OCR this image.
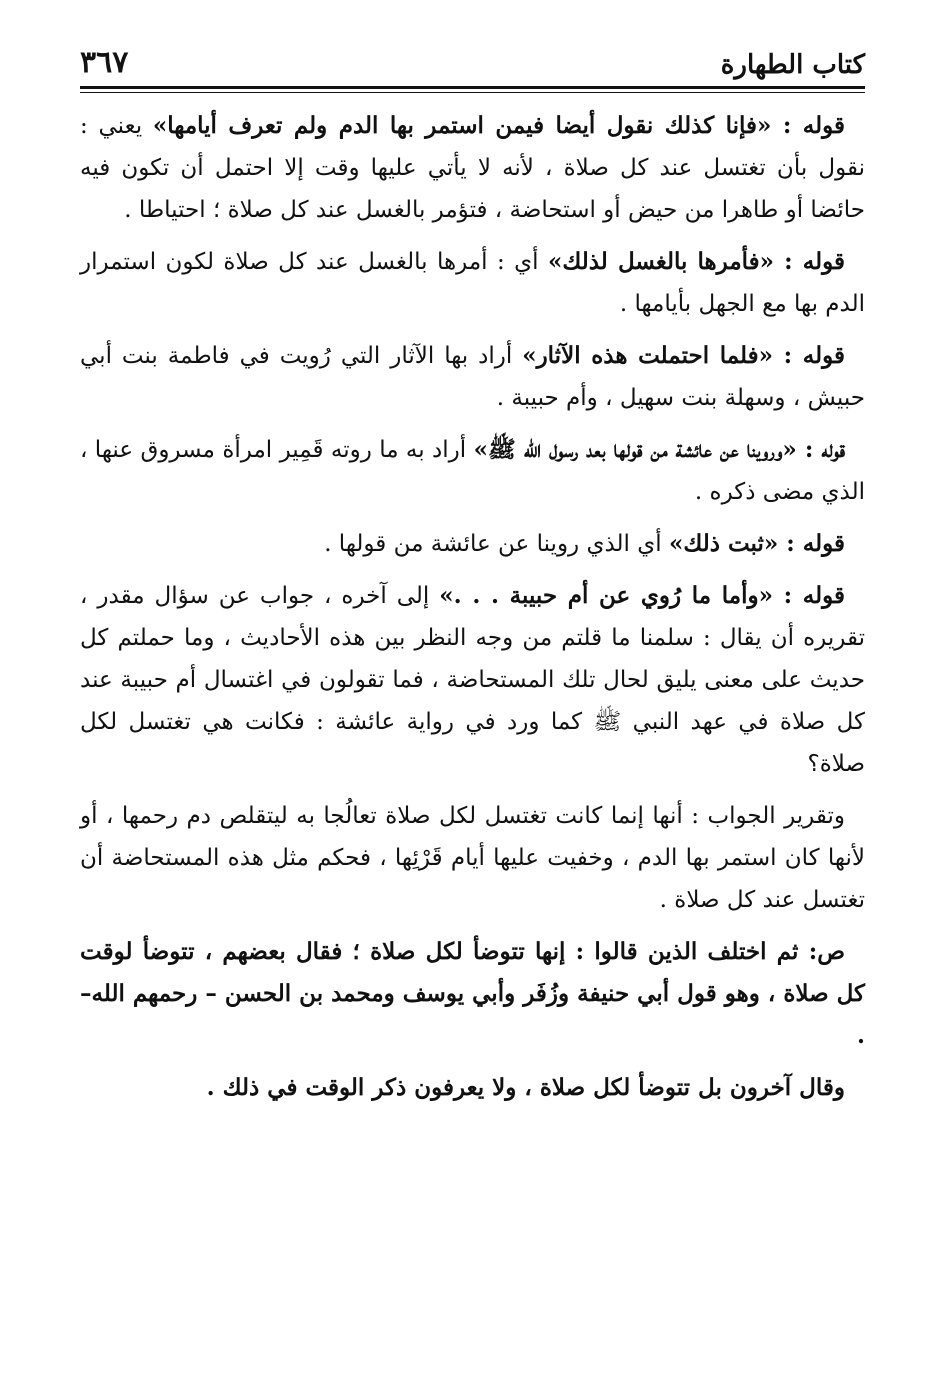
كتاب الطهارة
٣٦٧

قوله : «فإنا كذلك نقول أيضا فيمن استمر بها الدم ولم تعرف أيامها» يعني : نقول بأن تغتسل عند كل صلاة ، لأنه لا يأتي عليها وقت إلا احتمل أن تكون فيه حائضا أو طاهرا من حيض أو استحاضة ، فتؤمر بالغسل عند كل صلاة ؛ احتياطا .

قوله : «فأمرها بالغسل لذلك» أي : أمرها بالغسل عند كل صلاة لكون استمرار الدم بها مع الجهل بأيامها .

قوله : «فلما احتملت هذه الآثار» أراد بها الآثار التي رُويت في فاطمة بنت أبي حبيش ، وسهلة بنت سهيل ، وأم حبيبة .

قوله : «وروينا عن عائشة من قولها بعد رسول الله ﷺ» أراد به ما روته قَمِير امرأة مسروق عنها ، الذي مضى ذكره .

قوله : «ثبت ذلك» أي الذي روينا عن عائشة من قولها .

قوله : «وأما ما رُوي عن أم حبيبة . . .» إلى آخره ، جواب عن سؤال مقدر ، تقريره أن يقال : سلمنا ما قلتم من وجه النظر بين هذه الأحاديث ، وما حملتم كل حديث على معنى يليق لحال تلك المستحاضة ، فما تقولون في اغتسال أم حبيبة عند كل صلاة في عهد النبي ﷺ كما ورد في رواية عائشة : فكانت هي تغتسل لكل صلاة؟

وتقرير الجواب : أنها إنما كانت تغتسل لكل صلاة تعالُجا به ليتقلص دم رحمها ، أو لأنها كان استمر بها الدم ، وخفيت عليها أيام قَرْئِها ، فحكم مثل هذه المستحاضة أن تغتسل عند كل صلاة .

ص: ثم اختلف الذين قالوا : إنها تتوضأ لكل صلاة ؛ فقال بعضهم ، تتوضأ لوقت كل صلاة ، وهو قول أبي حنيفة وزُفَر وأبي يوسف ومحمد بن الحسن – رحمهم الله– .

وقال آخرون بل تتوضأ لكل صلاة ، ولا يعرفون ذكر الوقت في ذلك .
